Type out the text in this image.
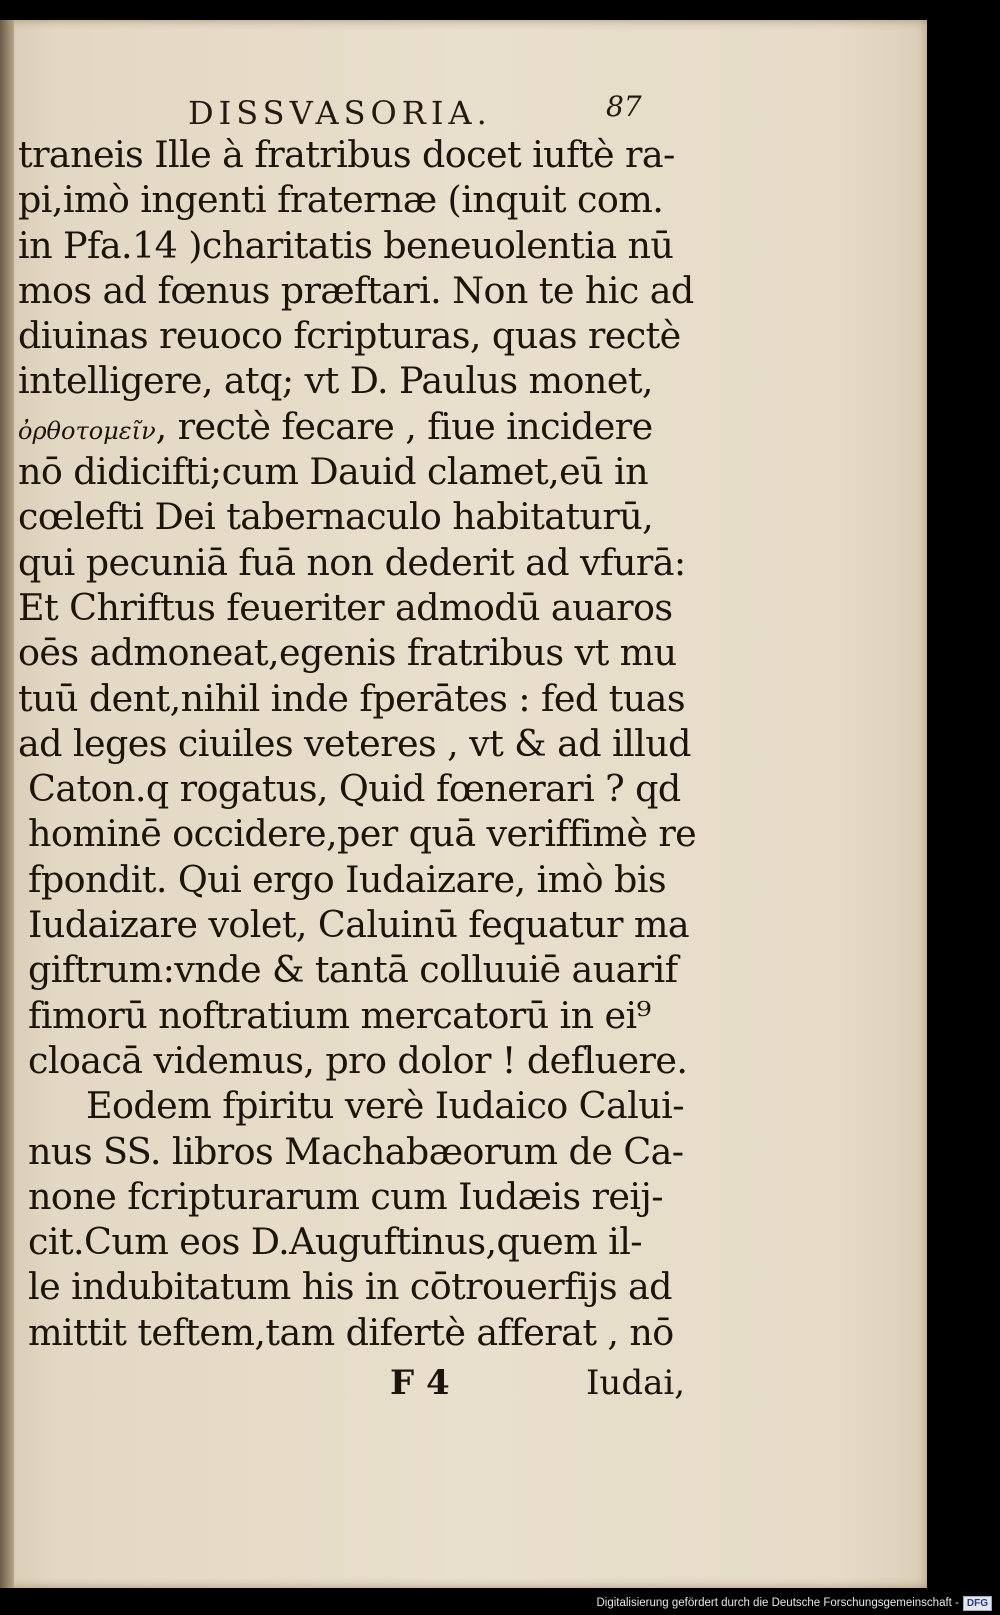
DISSVASORIA.	87
traneis Ille à fratribus docet iuftè ra-
pi,imò ingenti fraternæ (inquit com.
in Pfa.14 )charitatis beneuolentia nū
mos ad fœnus præftari. Non te hic ad
diuinas reuoco fcripturas, quas rectè
intelligere, atq; vt D. Paulus monet,
ὀρθοτομεῖν, rectè fecare , fiue incidere
nō didicifti;cum Dauid clamet,eū in
cœlefti Dei tabernaculo habitaturū,
qui pecuniā fuā non dederit ad vfurā:
Et Chriftus feueriter admodū auaros
oēs admoneat,egenis fratribus vt mu
tuū dent,nihil inde fperātes : fed tuas
ad leges ciuiles veteres , vt & ad illud
Caton.q rogatus, Quid fœnerari ? qd
hominē occidere,per quā veriffimè re
fpondit. Qui ergo Iudaizare, imò bis
Iudaizare volet, Caluinū fequatur ma
giftrum:vnde & tantā colluuiē auarif
fimorū noftratium mercatorū in ei⁹
cloacā videmus, pro dolor ! defluere.
Eodem fpiritu verè Iudaico Calui-
nus SS. libros Machabæorum de Ca-
none fcripturarum cum Iudæis reij-
cit.Cum eos D.Auguftinus,quem il-
le indubitatum his in cōtrouerfijs ad
mittit teftem,tam difertè afferat , nō
F 4	Iudai,
Digitalisierung gefördert durch die Deutsche Forschungsgemeinschaft - DFG
